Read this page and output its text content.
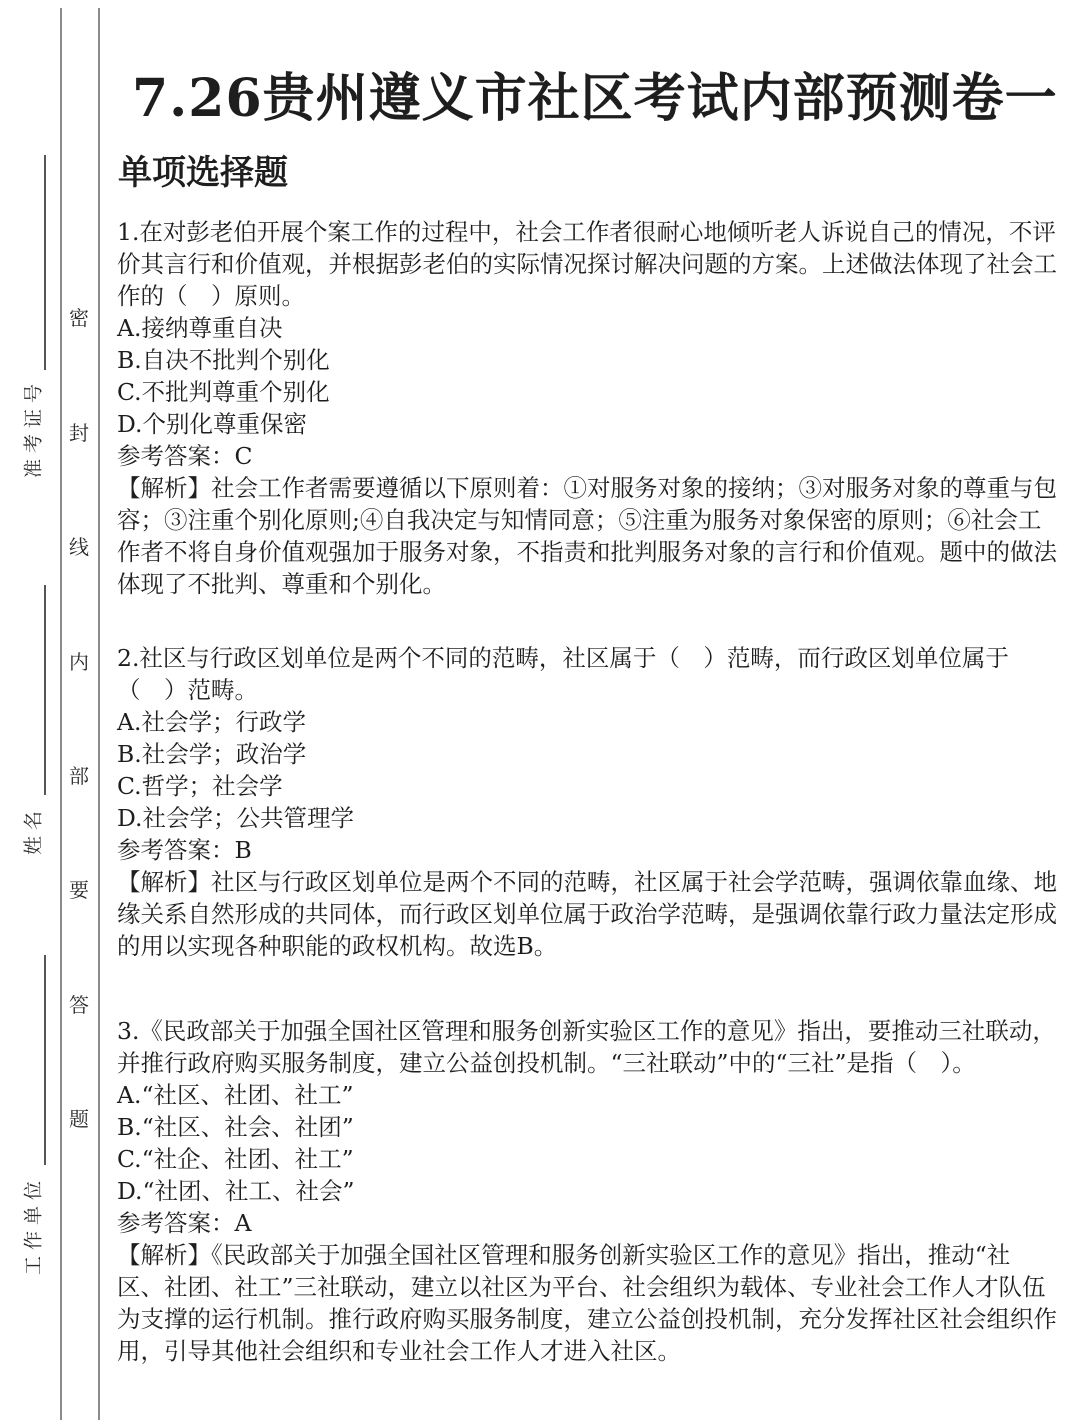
准考证号
姓名
工作单位
密
封
线
内
部
要
答
题
7.26贵州遵义市社区考试内部预测卷一
单项选择题

1.在对彭老伯开展个案工作的过程中，社会工作者很耐心地倾听老人诉说自己的情况，不评价其言行和价值观，并根据彭老伯的实际情况探讨解决问题的方案。上述做法体现了社会工作的（　）原则。

A.接纳尊重自决

B.自决不批判个别化

C.不批判尊重个别化

D.个别化尊重保密

参考答案：C

【解析】社会工作者需要遵循以下原则着：①对服务对象的接纳；③对服务对象的尊重与包容；③注重个别化原则;④自我决定与知情同意；⑤注重为服务对象保密的原则；⑥社会工作者不将自身价值观强加于服务对象，不指责和批判服务对象的言行和价值观。题中的做法体现了不批判、尊重和个别化。

2.社区与行政区划单位是两个不同的范畴，社区属于（　）范畴，而行政区划单位属于（　）范畴。

A.社会学；行政学

B.社会学；政治学

C.哲学；社会学

D.社会学；公共管理学

参考答案：B

【解析】社区与行政区划单位是两个不同的范畴，社区属于社会学范畴，强调依靠血缘、地缘关系自然形成的共同体，而行政区划单位属于政治学范畴，是强调依靠行政力量法定形成的用以实现各种职能的政权机构。故选B。

3.《民政部关于加强全国社区管理和服务创新实验区工作的意见》指出，要推动三社联动，并推行政府购买服务制度，建立公益创投机制。“三社联动”中的“三社”是指（　）。

A.“社区、社团、社工”

B.“社区、社会、社团”

C.“社企、社团、社工”

D.“社团、社工、社会”

参考答案：A

【解析】《民政部关于加强全国社区管理和服务创新实验区工作的意见》指出，推动“社区、社团、社工”三社联动，建立以社区为平台、社会组织为载体、专业社会工作人才队伍为支撑的运行机制。推行政府购买服务制度，建立公益创投机制，充分发挥社区社会组织作用，引导其他社会组织和专业社会工作人才进入社区。
